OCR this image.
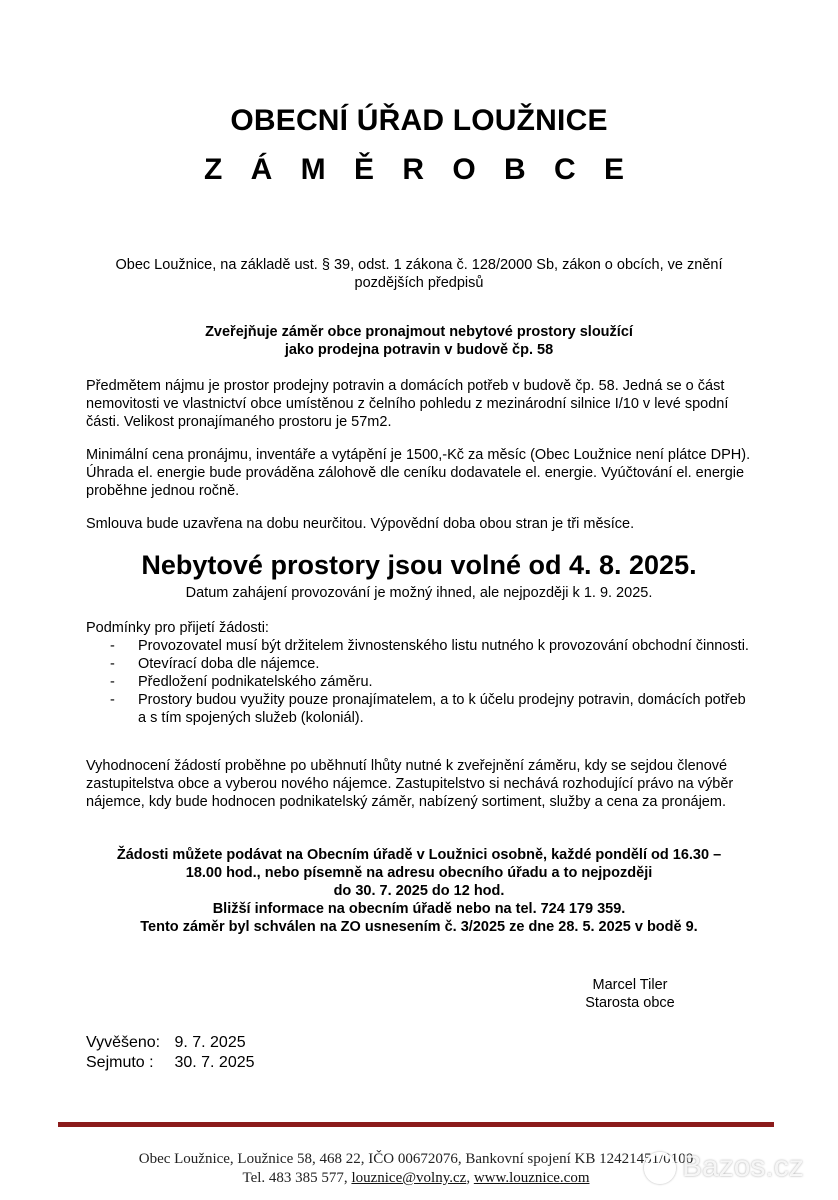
OBECNÍ ÚŘAD LOUŽNICE
Z Á M Ě R O B C E
Obec Loužnice, na základě ust. § 39, odst. 1 zákona č. 128/2000 Sb, zákon o obcích, ve znění pozdějších předpisů
Zveřejňuje záměr obce pronajmout nebytové prostory sloužící
jako prodejna potravin v budově čp. 58
Předmětem nájmu je prostor prodejny potravin a domácích potřeb v budově čp. 58. Jedná se o část nemovitosti ve vlastnictví obce umístěnou z čelního pohledu z mezinárodní silnice I/10 v levé spodní části. Velikost pronajímaného prostoru je 57m2.
Minimální cena pronájmu, inventáře a vytápění je 1500,-Kč za měsíc (Obec Loužnice není plátce DPH). Úhrada el. energie bude prováděna zálohově dle ceníku dodavatele el. energie. Vyúčtování el. energie proběhne jednou ročně.
Smlouva bude uzavřena na dobu neurčitou. Výpovědní doba obou stran je tři měsíce.
Nebytové prostory jsou volné od 4. 8. 2025.
Datum zahájení provozování je možný ihned, ale nejpozději k 1. 9. 2025.
Podmínky pro přijetí žádosti:
- Provozovatel musí být držitelem živnostenského listu nutného k provozování obchodní činnosti.
- Otevírací doba dle nájemce.
- Předložení podnikatelského záměru.
- Prostory budou využity pouze pronajímatelem, a to k účelu prodejny potravin, domácích potřeb a s tím spojených služeb (koloniál).
Vyhodnocení žádostí proběhne po uběhnutí lhůty nutné k zveřejnění záměru, kdy se sejdou členové zastupitelstva obce a vyberou nového nájemce. Zastupitelstvo si nechává rozhodující právo na výběr nájemce, kdy bude hodnocen podnikatelský záměr, nabízený sortiment, služby a cena za pronájem.
Žádosti můžete podávat na Obecním úřadě v Loužnici osobně, každé pondělí od 16.30 –
18.00 hod., nebo písemně na adresu obecního úřadu a to nejpozději
do 30. 7. 2025 do 12 hod.
Bližší informace na obecním úřadě nebo na tel. 724 179 359.
Tento záměr byl schválen na ZO usnesením č. 3/2025 ze dne 28. 5. 2025 v bodě 9.
Marcel Tiler
Starosta obce
Vyvěšeno: 9. 7. 2025
Sejmuto : 30. 7. 2025
Obec Loužnice, Loužnice 58, 468 22, IČO 00672076, Bankovní spojení KB 12421451/0100
Tel. 483 385 577, louznice@volny.cz, www.louznice.com	Bazos.cz
